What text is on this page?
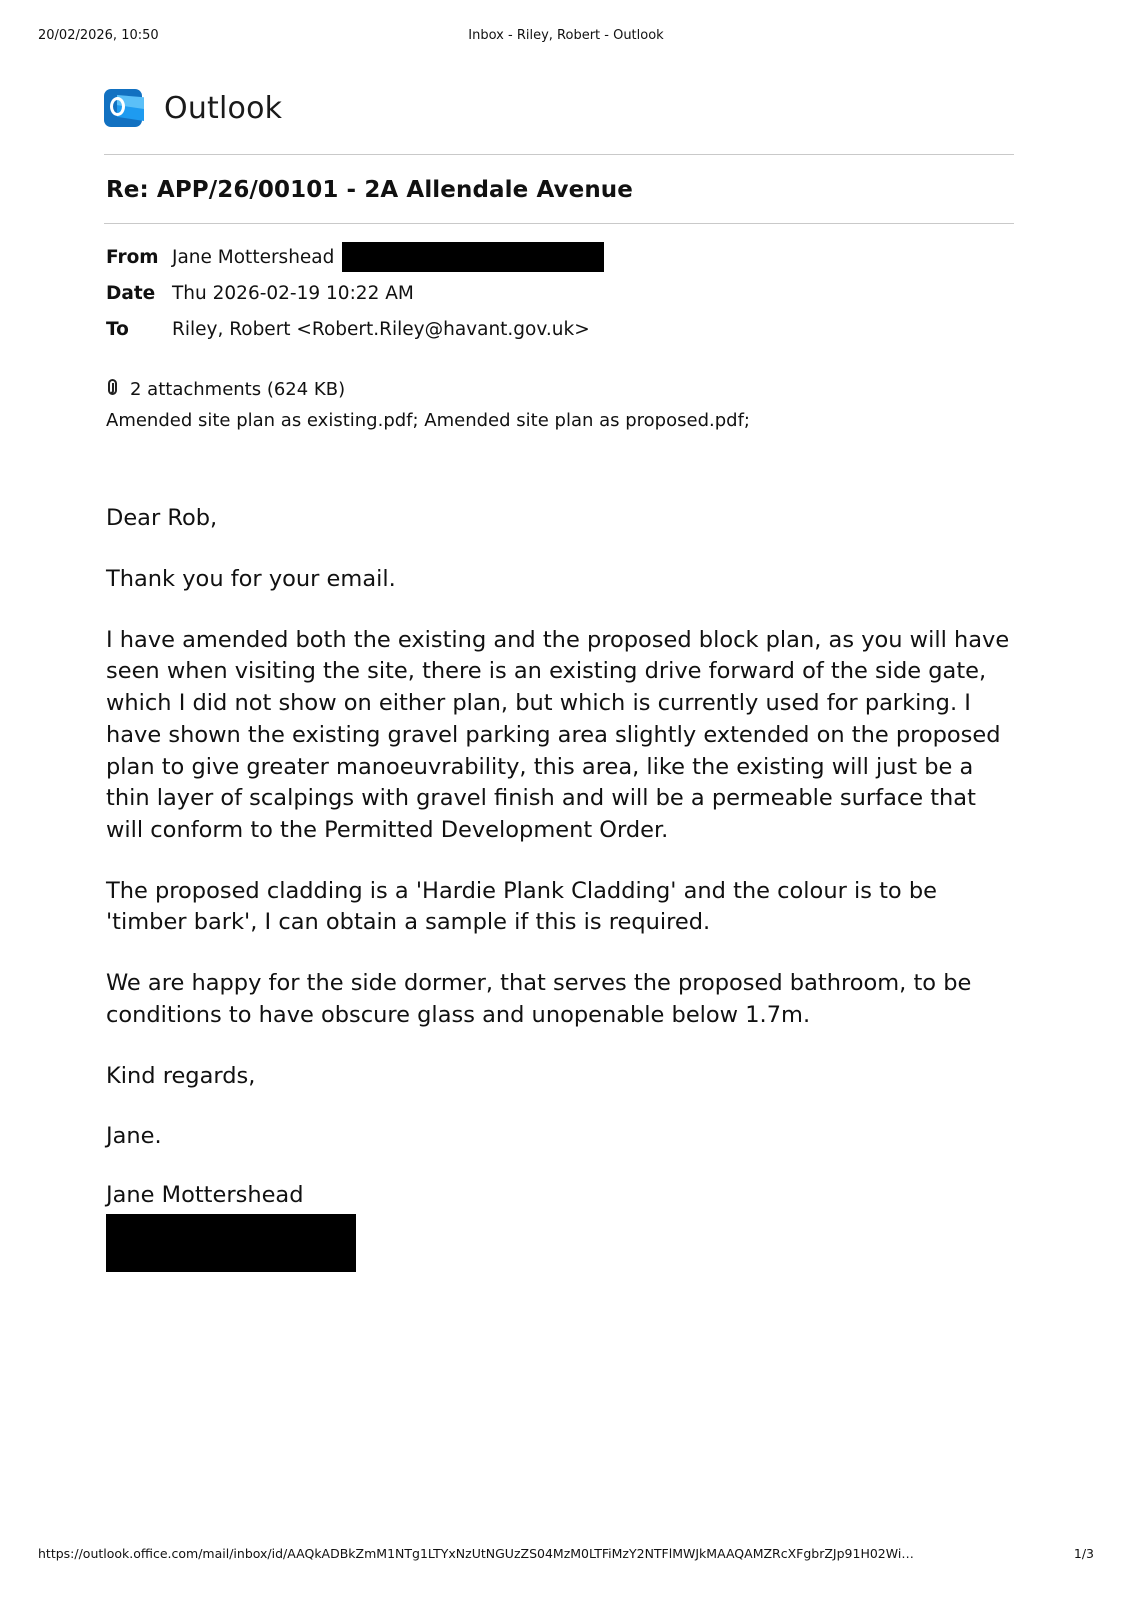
20/02/2026, 10:50	Inbox - Riley, Robert - Outlook
Outlook
Re: APP/26/00101 - 2A Allendale Avenue
From Jane Mottershead
Date Thu 2026-02-19 10:22 AM
To	Riley, Robert <Robert.Riley@havant.gov.uk>
2 attachments (624 KB)
Amended site plan as existing.pdf; Amended site plan as proposed.pdf;

Dear Rob,

Thank you for your email.

I have amended both the existing and the proposed block plan, as you will have seen when visiting the site, there is an existing drive forward of the side gate, which I did not show on either plan, but which is currently used for parking. I have shown the existing gravel parking area slightly extended on the proposed plan to give greater manoeuvrability, this area, like the existing will just be a thin layer of scalpings with gravel finish and will be a permeable surface that will conform to the Permitted Development Order.

The proposed cladding is a 'Hardie Plank Cladding' and the colour is to be 'timber bark', I can obtain a sample if this is required.

We are happy for the side dormer, that serves the proposed bathroom, to be conditions to have obscure glass and unopenable below 1.7m.

Kind regards,

Jane.

Jane Mottershead
https://outlook.office.com/mail/inbox/id/AAQkADBkZmM1NTg1LTYxNzUtNGUzZS04MzM0LTFiMzY2NTFlMWJkMAAQAMZRcXFgbrZJp91H02Wi…	1/3
